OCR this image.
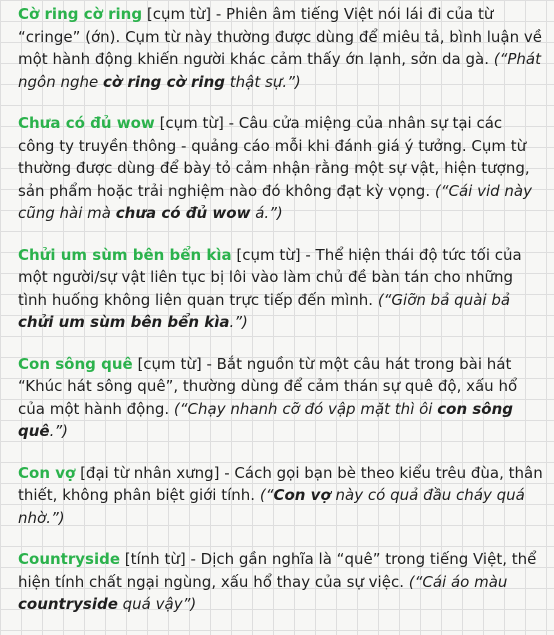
Cờ ring cờ ring [cụm từ] - Phiên âm tiếng Việt nói lái đi của từ “cringe” (ớn). Cụm từ này thường được dùng để miêu tả, bình luận về một hành động khiến người khác cảm thấy ớn lạnh, sởn da gà. (“Phát ngôn nghe cờ ring cờ ring thật sự.”)

Chưa có đủ wow [cụm từ] - Câu cửa miệng của nhân sự tại các công ty truyền thông - quảng cáo mỗi khi đánh giá ý tưởng. Cụm từ thường được dùng để bày tỏ cảm nhận rằng một sự vật, hiện tượng, sản phẩm hoặc trải nghiệm nào đó không đạt kỳ vọng. (“Cái vid này cũng hài mà chưa có đủ wow á.”)

Chửi um sùm bên bển kìa [cụm từ] - Thể hiện thái độ tức tối của một người/sự vật liên tục bị lôi vào làm chủ đề bàn tán cho những tình huống không liên quan trực tiếp đến mình. (“Giỡn bả quài bả chửi um sùm bên bển kìa.”)

Con sông quê [cụm từ] - Bắt nguồn từ một câu hát trong bài hát “Khúc hát sông quê”, thường dùng để cảm thán sự quê độ, xấu hổ của một hành động. (“Chạy nhanh cỡ đó vập mặt thì ôi con sông quê.”)

Con vợ [đại từ nhân xưng] - Cách gọi bạn bè theo kiểu trêu đùa, thân thiết, không phân biệt giới tính. (“Con vợ này có quả đầu cháy quá nhờ.”)

Countryside [tính từ] - Dịch gần nghĩa là “quê” trong tiếng Việt, thể hiện tính chất ngại ngùng, xấu hổ thay của sự việc. (“Cái áo màu countryside quá vậy”)
